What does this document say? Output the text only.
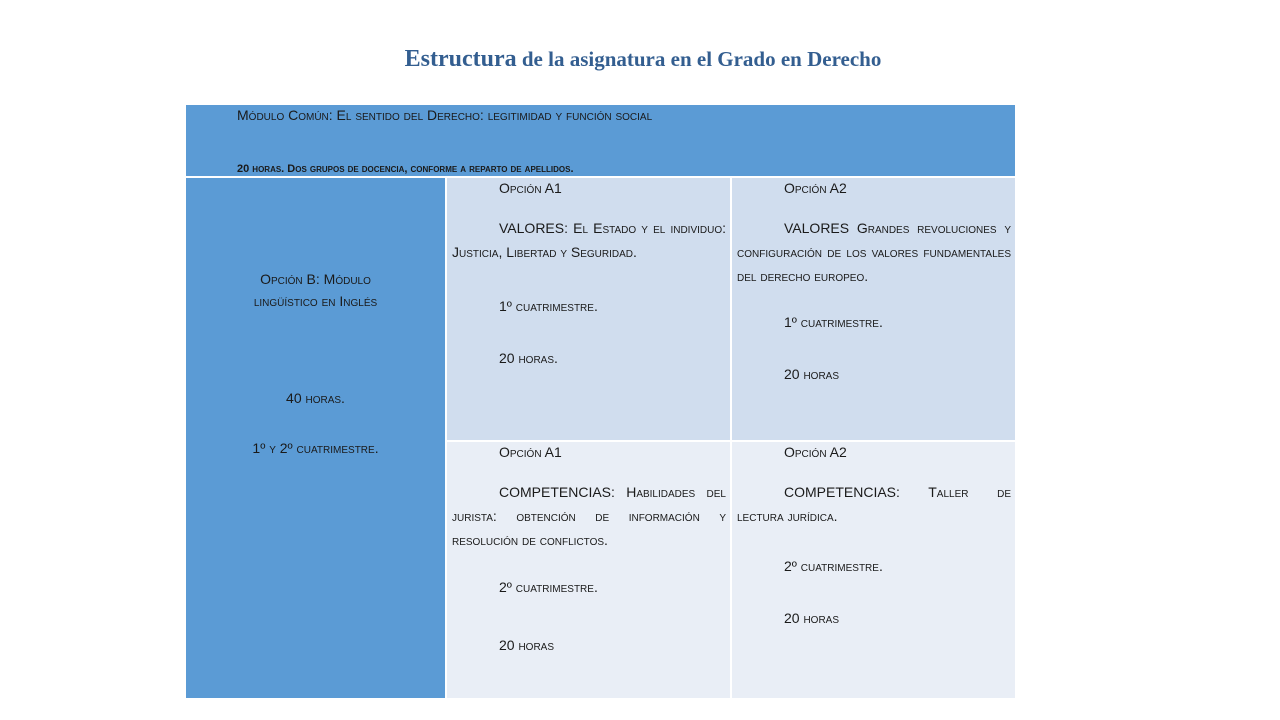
Estructura de la asignatura en el Grado en Derecho
Módulo Común: El sentido del Derecho: legitimidad y función social
20 horas. Dos grupos de docencia, conforme a reparto de apellidos.
Opción B: Módulo
lingüístico en Inglés
40 horas.
1º y 2º cuatrimestre.
Opción A1
VALORES: El Estado y el individuo: Justicia, Libertad y Seguridad.
1º cuatrimestre.
20 horas.
Opción A2
VALORES Grandes revoluciones y configuración de los valores fundamentales del derecho europeo.
1º cuatrimestre.
20 horas
Opción A1
COMPETENCIAS: Habilidades del jurista: obtención de información y resolución de conflictos.
2º cuatrimestre.
20 horas
Opción A2
COMPETENCIAS: Taller de lectura jurídica.
2º cuatrimestre.
20 horas
